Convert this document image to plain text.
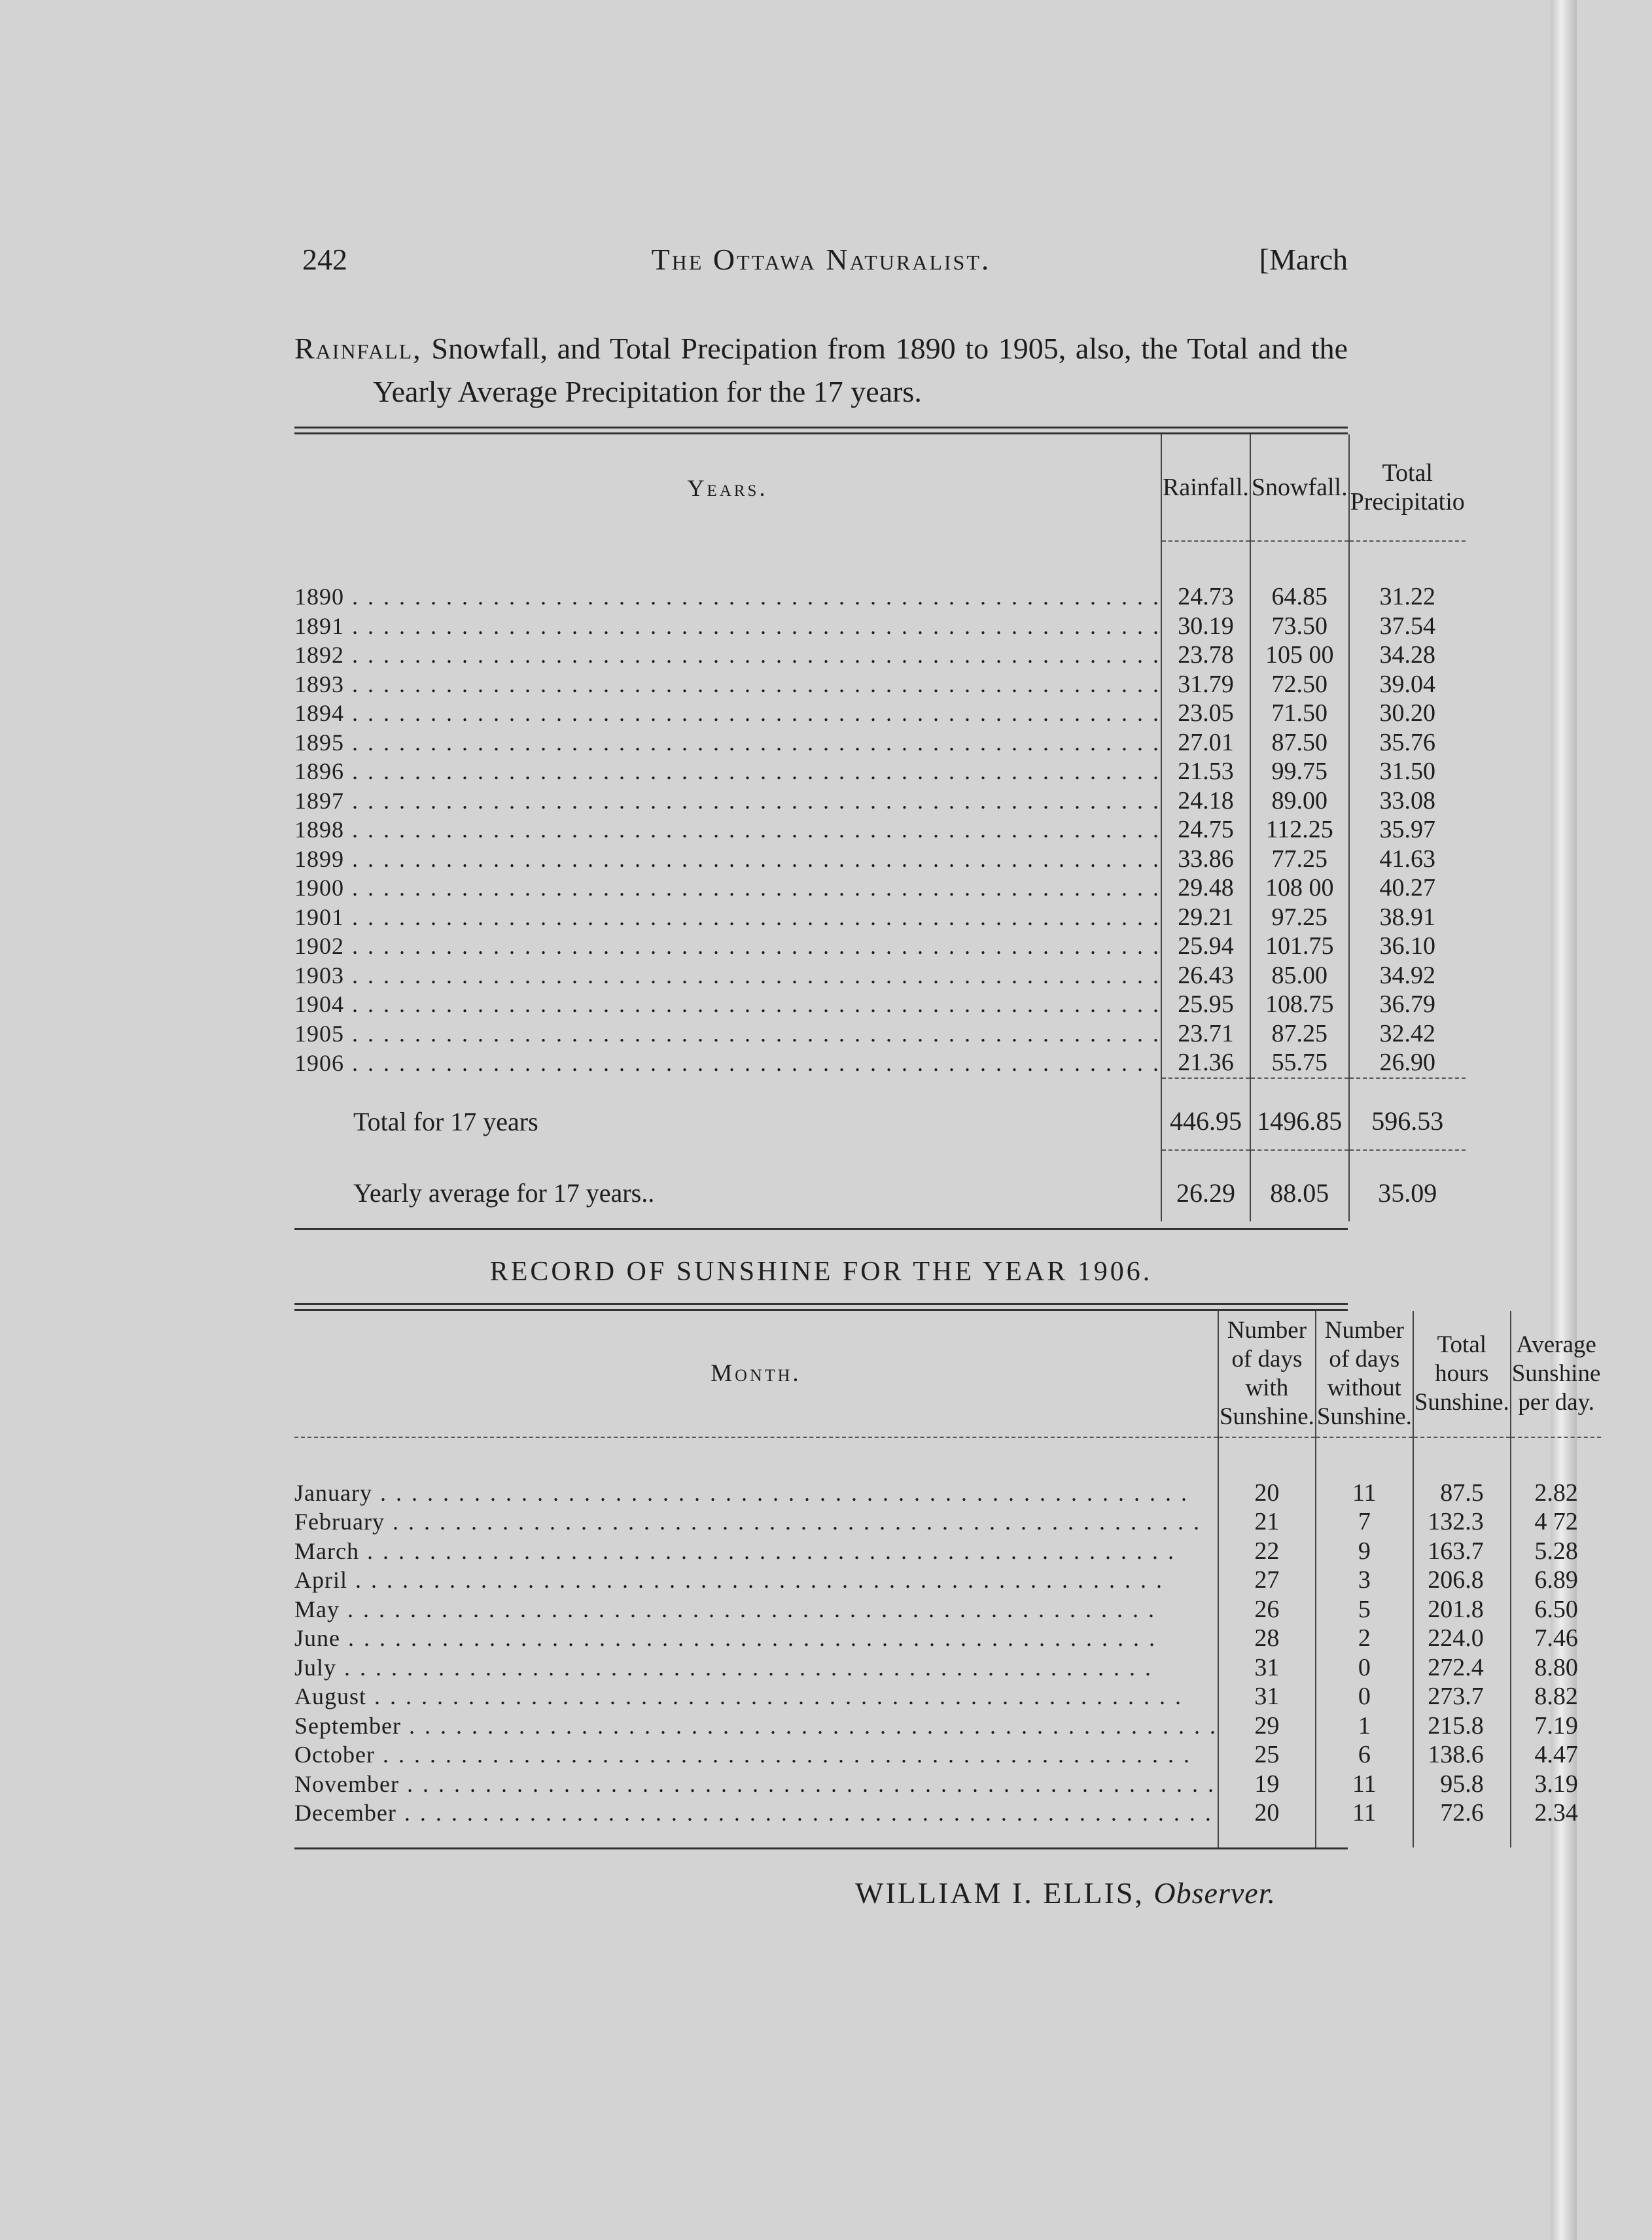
242	The Ottawa Naturalist.	[March
Rainfall, Snowfall, and Total Precipation from 1890 to 1905, also, the Total and the Yearly Average Precipitation for the 17 years.
Years.	Rainfall.	Snowfall.	Total Precipitatio

1890 . . .	24.73	64.85	31.22
1891 . . .	30.19	73.50	37.54
1892 . . .	23.78	105 00	34.28
1893 . . .	31.79	72.50	39.04
1894 . . .	23.05	71.50	30.20
1895 . . .	27.01	87.50	35.76
1896 . . .	21.53	99.75	31.50
1897 . . .	24.18	89.00	33.08
1898 . . .	24.75	112.25	35.97
1899 . . .	33.86	77.25	41.63
1900 . . .	29.48	108 00	40.27
1901 . . .	29.21	97.25	38.91
1902 . . .	25.94	101.75	36.10
1903 . . .	26.43	85.00	34.92
1904 . . .	25.95	108.75	36.79
1905 . . .	23.71	87.25	32.42
1906 . . .	21.36	55.75	26.90

Total for 17 years	446.95	1496.85	596.53

Yearly average for 17 years..	26.29	88.05	35.09
RECORD OF SUNSHINE FOR THE YEAR 1906.
Month.	Number of days with Sunshine.	Number of days without Sunshine.	Total hours Sunshine.	Average Sunshine per day.

January . . .	20	11	87.5	2.82
February . . .	21	7	132.3	4 72
March . . .	22	9	163.7	5.28
April . . .	27	3	206.8	6.89
May . . .	26	5	201.8	6.50
June . . .	28	2	224.0	7.46
July . . .	31	0	272.4	8.80
August . . .	31	0	273.7	8.82
September . . .	29	1	215.8	7.19
October . . .	25	6	138.6	4.47
November . . .	19	11	95.8	3.19
December . . .	20	11	72.6	2.34

WILLIAM I. ELLIS, Observer.
